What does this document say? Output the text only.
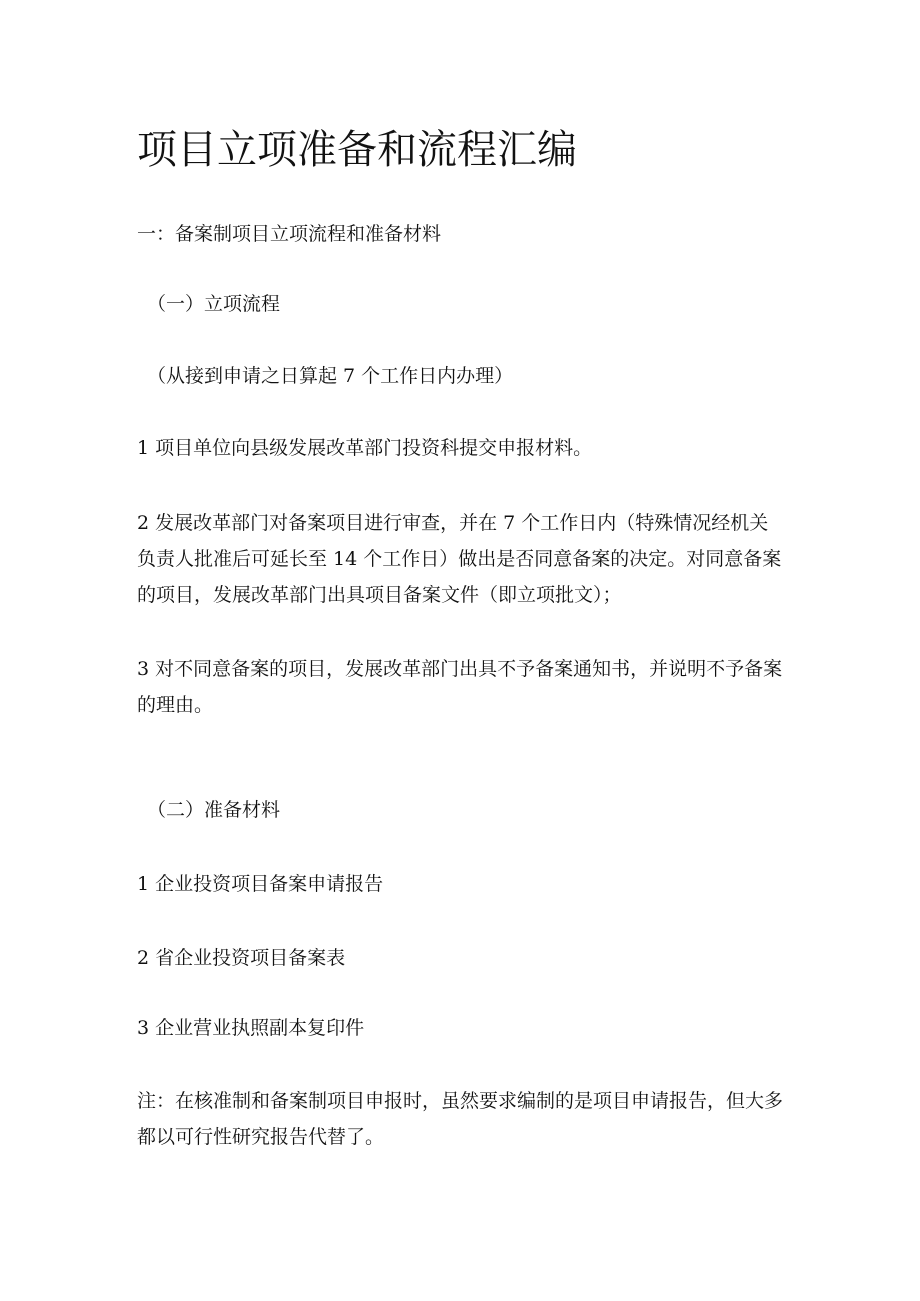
项目立项准备和流程汇编

一：备案制项目立项流程和准备材料

（一）立项流程

（从接到申请之日算起 7 个工作日内办理）

1 项目单位向县级发展改革部门投资科提交申报材料。

2 发展改革部门对备案项目进行审查，并在 7 个工作日内（特殊情况经机关负责人批准后可延长至 14 个工作日）做出是否同意备案的决定。对同意备案的项目，发展改革部门出具项目备案文件（即立项批文）；

3 对不同意备案的项目，发展改革部门出具不予备案通知书，并说明不予备案的理由。

（二）准备材料

1 企业投资项目备案申请报告

2 省企业投资项目备案表

3 企业营业执照副本复印件

注：在核准制和备案制项目申报时，虽然要求编制的是项目申请报告，但大多都以可行性研究报告代替了。
